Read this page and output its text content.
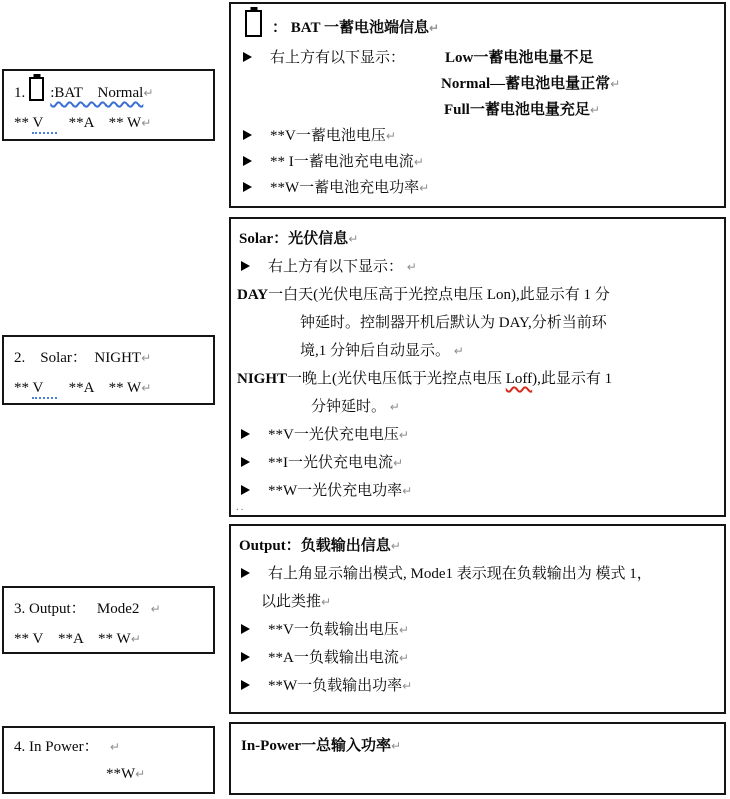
1. :BAT    Normal↵
** V   **A    ** W↵
2.    Solar：  NIGHT↵
** V   **A    ** W↵
3. Output：   Mode2   ↵
** V    **A    ** W↵
4. In Power：   ↵
**W↵
： BAT 一蓄电池端信息↵
右上方有以下显示：	Low一蓄电池电量不足
Normal—蓄电池电量正常↵
Full一蓄电池电量充足↵
**V一蓄电池电压↵
** I一蓄电池充电电流↵
**W一蓄电池充电功率↵
Solar：光伏信息↵
右上方有以下显示： ↵
DAY一白天(光伏电压高于光控点电压 Lon),此显示有 1 分
钟延时。控制器开机后默认为 DAY,分析当前环
境,1 分钟后自动显示。 ↵
NIGHT一晚上(光伏电压低于光控点电压 Loff),此显示有 1
分钟延时。 ↵
**V一光伏充电电压↵
**I一光伏充电电流↵
**W一光伏充电功率↵
..
Output：负载输出信息↵
右上角显示输出模式, Mode1 表示现在负载输出为 模式 1，
以此类推↵
**V一负载输出电压↵
**A一负载输出电流↵
**W一负载输出功率↵
In-Power一总输入功率↵
